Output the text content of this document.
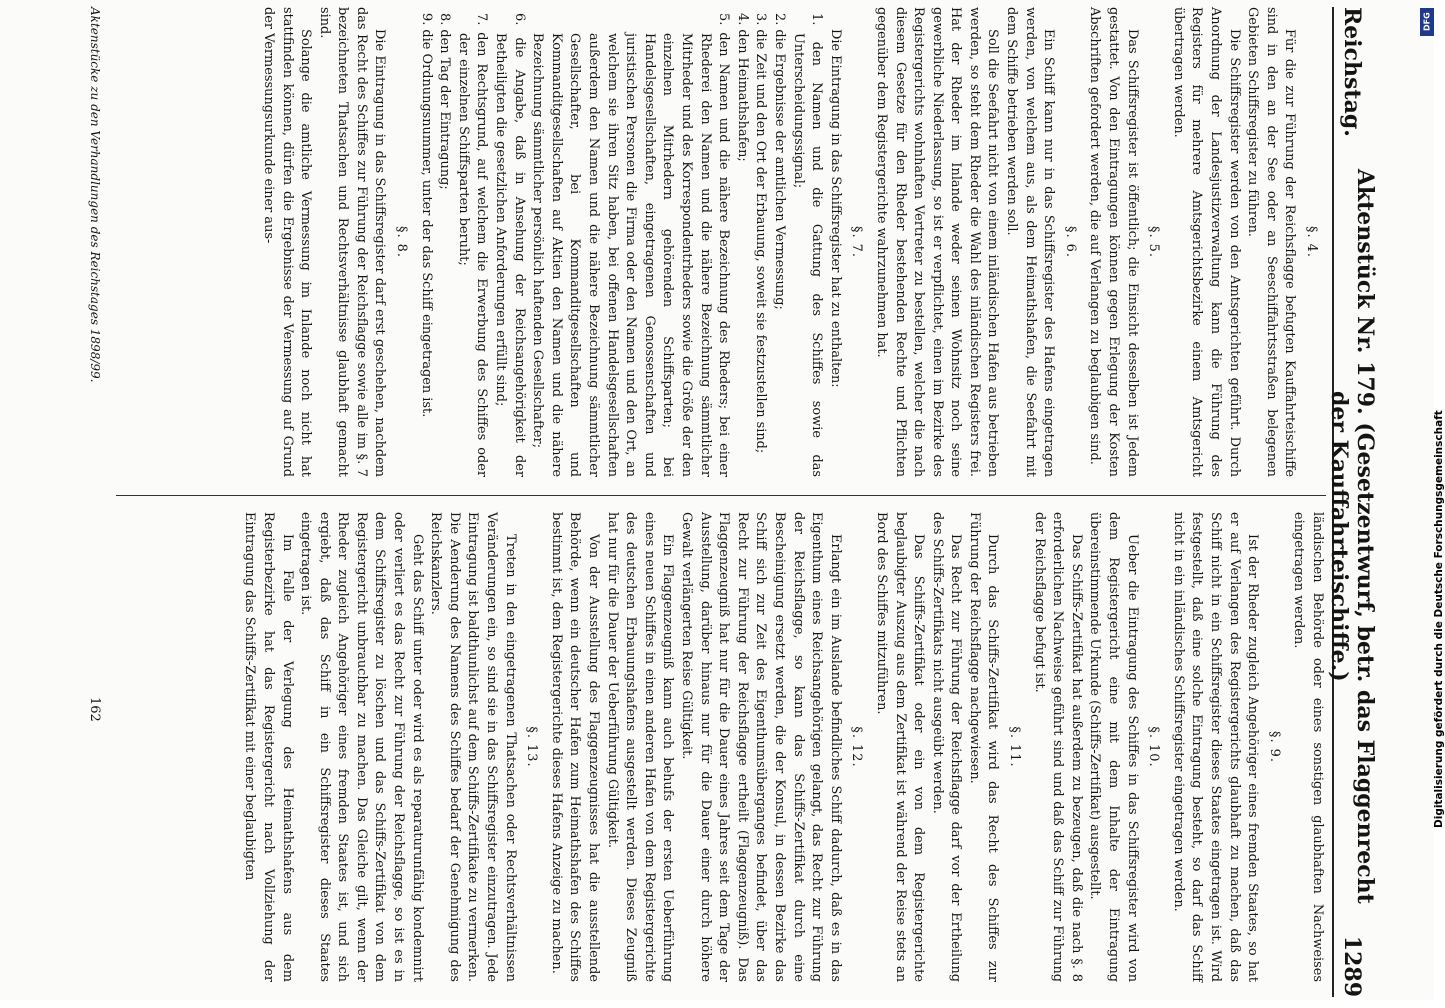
Reichstag.
Aktenstück Nr. 179. (Gesetzentwurf, betr. das Flaggenrecht der Kauffahrteischiffe.)
1289

§. 4.

Für die zur Führung der Reichsflagge befugten Kauffahrteischiffe sind in den an der See oder an Seeschiffahrtsstraßen belegenen Gebieten Schiffsregister zu führen.

Die Schiffsregister werden von den Amtsgerichten geführt. Durch Anordnung der Landesjustizverwaltung kann die Führung des Registers für mehrere Amtsgerichtsbezirke einem Amtsgericht übertragen werden.

§. 5.

Das Schiffsregister ist öffentlich; die Einsicht desselben ist Jedem gestattet. Von den Eintragungen können gegen Erlegung der Kosten Abschriften gefordert werden, die auf Verlangen zu beglaubigen sind.

§. 6.

Ein Schiff kann nur in das Schiffsregister des Hafens eingetragen werden, von welchem aus, als dem Heimathshafen, die Seefahrt mit dem Schiffe betrieben werden soll.

Soll die Seefahrt nicht von einem inländischen Hafen aus betrieben werden, so steht dem Rheder die Wahl des inländischen Registers frei. Hat der Rheder im Inlande weder seinen Wohnsitz noch seine gewerbliche Niederlassung, so ist er verpflichtet, einen im Bezirke des Registergerichts wohnhaften Vertreter zu bestellen, welcher die nach diesem Gesetze für den Rheder bestehenden Rechte und Pflichten gegenüber dem Registergerichte wahrzunehmen hat.

§. 7.

Die Eintragung in das Schiffsregister hat zu enthalten:

1. den Namen und die Gattung des Schiffes sowie das Unterscheidungssignal;

2. die Ergebnisse der amtlichen Vermessung;

3. die Zeit und den Ort der Erbauung, soweit sie festzustellen sind;

4. den Heimathshafen;

5. den Namen und die nähere Bezeichnung des Rheders; bei einer Rhederei den Namen und die nähere Bezeichnung sämmtlicher Mitrheder und des Korrespondentrheders sowie die Größe der den einzelnen Mitrhedern gehörenden Schiffsparten; bei Handelsgesellschaften, eingetragenen Genossenschaften und juristischen Personen die Firma oder den Namen und den Ort, an welchem sie ihren Sitz haben, bei offenen Handelsgesellschaften außerdem den Namen und die nähere Bezeichnung sämmtlicher Gesellschafter, bei Kommanditgesellschaften und Kommanditgesellschaften auf Aktien den Namen und die nähere Bezeichnung sämmtlicher persönlich haftenden Gesellschafter;

6. die Angabe, daß in Ansehung der Reichsangehörigkeit der Betheiligten die gesetzlichen Anforderungen erfüllt sind;

7. den Rechtsgrund, auf welchem die Erwerbung des Schiffes oder der einzelnen Schiffsparten beruht;

8. den Tag der Eintragung;

9. die Ordnungsnummer, unter der das Schiff eingetragen ist.

§. 8.

Die Eintragung in das Schiffsregister darf erst geschehen, nachdem das Recht des Schiffes zur Führung der Reichsflagge sowie alle im §. 7 bezeichneten Thatsachen und Rechtsverhältnisse glaubhaft gemacht sind.

Solange die amtliche Vermessung im Inlande noch nicht hat stattfinden können, dürfen die Ergebnisse der Vermessung auf Grund der Vermessungsurkunde einer aus-

ländischen Behörde oder eines sonstigen glaubhaften Nachweises eingetragen werden.

§. 9.

Ist der Rheder zugleich Angehöriger eines fremden Staates, so hat er auf Verlangen des Registergerichts glaubhaft zu machen, daß das Schiff nicht in ein Schiffsregister dieses Staates eingetragen ist. Wird festgestellt, daß eine solche Eintragung besteht, so darf das Schiff nicht in ein inländisches Schiffsregister eingetragen werden.

§. 10.

Ueber die Eintragung des Schiffes in das Schiffsregister wird von dem Registergericht eine mit dem Inhalte der Eintragung übereinstimmende Urkunde (Schiffs-Zertifikat) ausgestellt.

Das Schiffs-Zertifikat hat außerdem zu bezeugen, daß die nach §. 8 erforderlichen Nachweise geführt sind und daß das Schiff zur Führung der Reichsflagge befugt ist.

§. 11.

Durch das Schiffs-Zertifikat wird das Recht des Schiffes zur Führung der Reichsflagge nachgewiesen.

Das Recht zur Führung der Reichsflagge darf vor der Ertheilung des Schiffs-Zertifikats nicht ausgeübt werden.

Das Schiffs-Zertifikat oder ein von dem Registergerichte beglaubigter Auszug aus dem Zertifikat ist während der Reise stets an Bord des Schiffes mitzuführen.

§. 12.

Erlangt ein im Auslande befindliches Schiff dadurch, daß es in das Eigenthum eines Reichsangehörigen gelangt, das Recht zur Führung der Reichsflagge, so kann das Schiffs-Zertifikat durch eine Bescheinigung ersetzt werden, die der Konsul, in dessen Bezirke das Schiff sich zur Zeit des Eigenthumsüberganges befindet, über das Recht zur Führung der Reichsflagge ertheilt (Flaggenzeugniß). Das Flaggenzeugniß hat nur für die Dauer eines Jahres seit dem Tage der Ausstellung, darüber hinaus nur für die Dauer einer durch höhere Gewalt verlängerten Reise Gültigkeit.

Ein Flaggenzeugniß kann auch behufs der ersten Ueberführung eines neuen Schiffes in einen anderen Hafen von dem Registergerichte des deutschen Erbauungshafens ausgestellt werden. Dieses Zeugniß hat nur für die Dauer der Ueberführung Gültigkeit.

Von der Ausstellung des Flaggenzeugnisses hat die ausstellende Behörde, wenn ein deutscher Hafen zum Heimathshafen des Schiffes bestimmt ist, dem Registergerichte dieses Hafens Anzeige zu machen.

§. 13.

Treten in den eingetragenen Thatsachen oder Rechtsverhältnissen Veränderungen ein, so sind sie in das Schiffsregister einzutragen. Jede Eintragung ist baldthunlichst auf dem Schiffs-Zertifikate zu vermerken. Die Aenderung des Namens des Schiffes bedarf der Genehmigung des Reichskanzlers.

Geht das Schiff unter oder wird es als reparaturunfähig kondemnirt oder verliert es das Recht zur Führung der Reichsflagge, so ist es in dem Schiffsregister zu löschen und das Schiffs-Zertifikat von dem Registergericht unbrauchbar zu machen. Das Gleiche gilt, wenn der Rheder zugleich Angehöriger eines fremden Staates ist, und sich ergiebt, daß das Schiff in ein Schiffsregister dieses Staates eingetragen ist.

Im Falle der Verlegung des Heimathshafens aus dem Registerbezirke hat das Registergericht nach Vollziehung der Eintragung das Schiffs-Zertifikat mit einer beglaubigten

Aktenstücke zu den Verhandlungen des Reichstages 1898/99.
162	Digitalisierung gefördert durch die Deutsche Forschungsgemeinschaft
DFG
